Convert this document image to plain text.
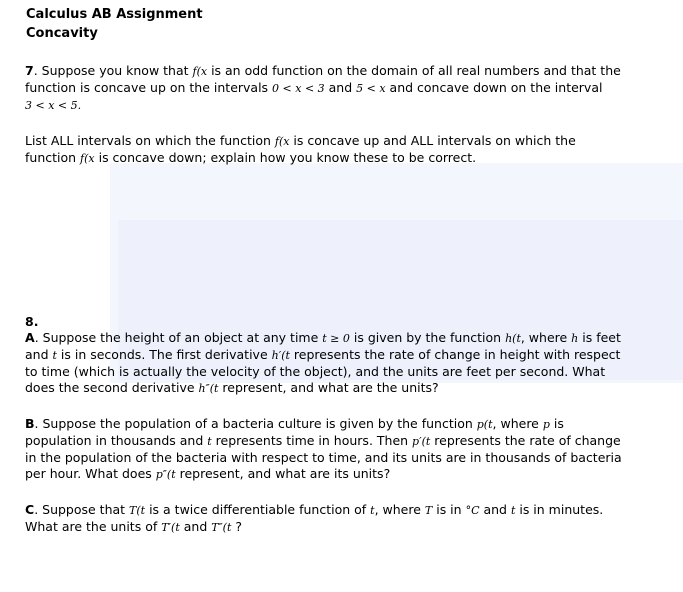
Calculus AB Assignment
Concavity
7. Suppose you know that f(x is an odd function on the domain of all real numbers and that the
function is concave up on the intervals 0 < x < 3 and 5 < x and concave down on the interval
3 < x < 5.
List ALL intervals on which the function f(x is concave up and ALL intervals on which the
function f(x is concave down; explain how you know these to be correct.
8.
A. Suppose the height of an object at any time t ≥ 0 is given by the function h(t, where h is feet
and t is in seconds. The first derivative h′(t represents the rate of change in height with respect
to time (which is actually the velocity of the object), and the units are feet per second. What
does the second derivative h″(t represent, and what are the units?
B. Suppose the population of a bacteria culture is given by the function p(t, where p is
population in thousands and t represents time in hours. Then p′(t represents the rate of change
in the population of the bacteria with respect to time, and its units are in thousands of bacteria
per hour. What does p″(t represent, and what are its units?
C. Suppose that T(t is a twice differentiable function of t, where T is in °C and t is in minutes.
What are the units of T′(t and T″(t ?
